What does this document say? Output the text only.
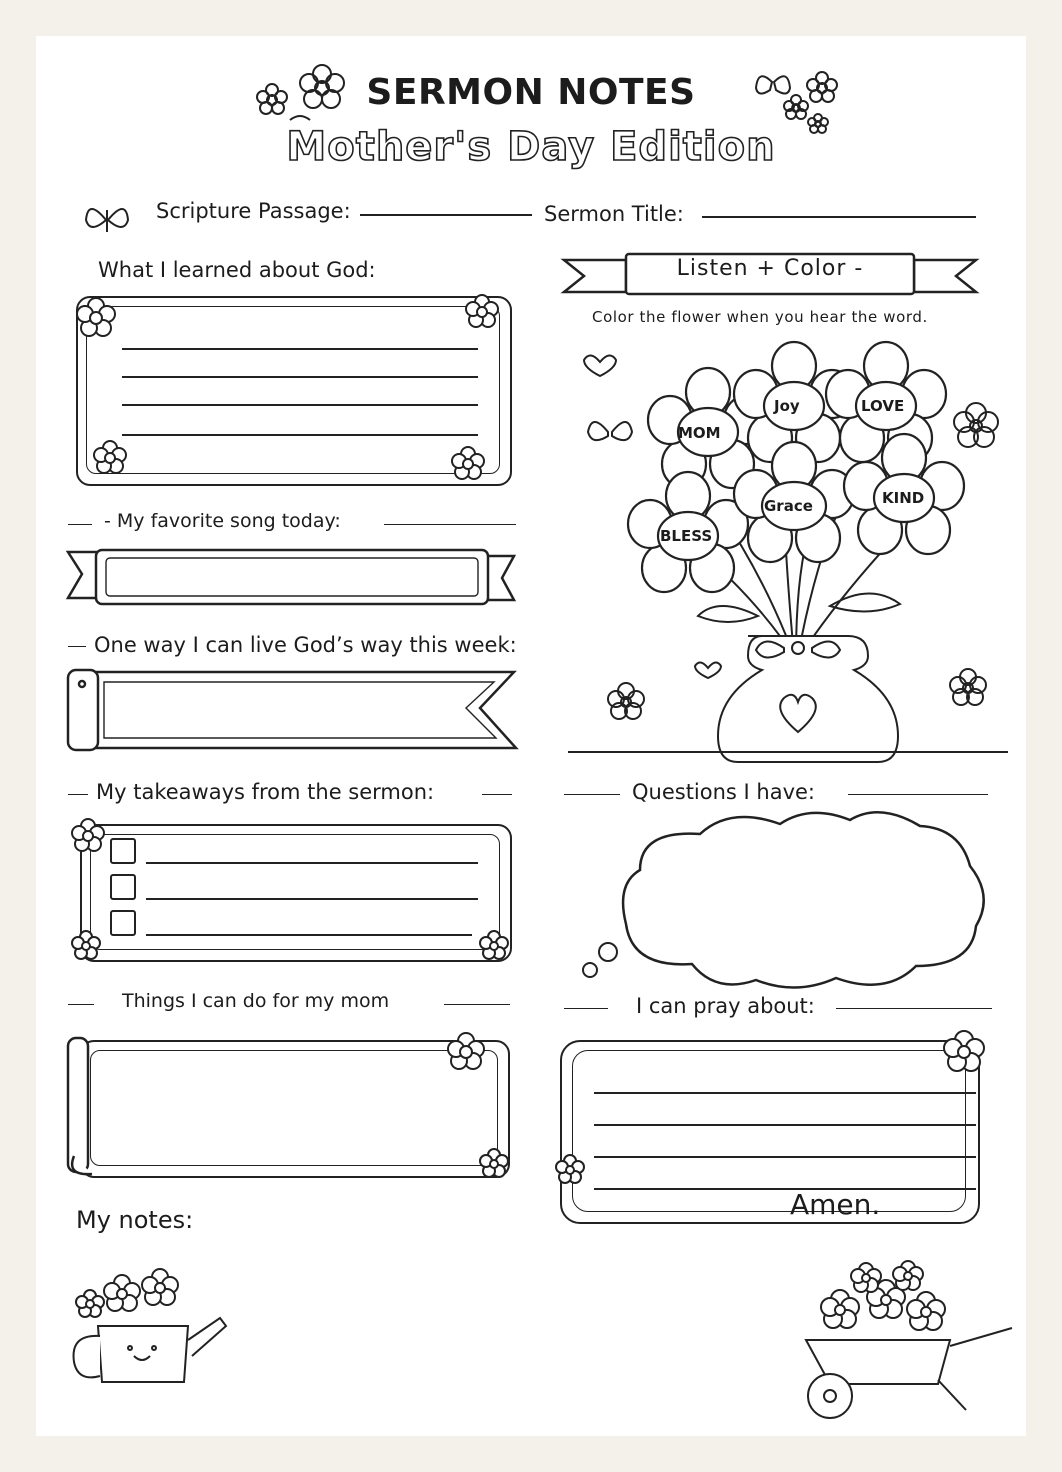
SERMON NOTES
Mother's Day Edition
Scripture Passage:	Sermon Title:
What I learned about God:
- My favorite song today:
One way I can live God’s way this week:
My takeaways from the sermon:
Things I can do for my mom
My notes:
Listen + Color -
Color the flower when you hear the word.
Joy	LOVE
MOM
Grace	KIND
BLESS
Questions I have:
I can pray about:
Amen.
